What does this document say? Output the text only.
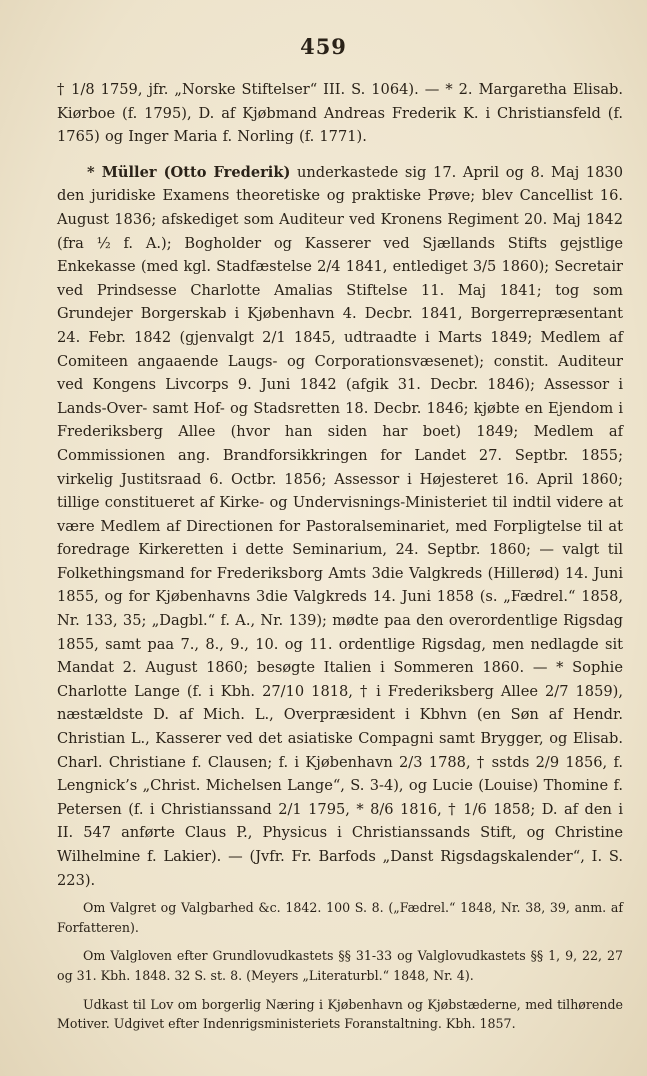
459

† 1/8 1759, jfr. „Norske Stiftelser“ III. S. 1064). — * 2. Margaretha Elisab. Kiørboe (f. 1795), D. af Kjøbmand Andreas Frederik K. i Christiansfeld (f. 1765) og Inger Maria f. Norling (f. 1771).

* Müller (Otto Frederik) underkastede sig 17. April og 8. Maj 1830 den juridiske Examens theoretiske og praktiske Prøve; blev Cancellist 16. August 1836; afskediget som Auditeur ved Kronens Regiment 20. Maj 1842 (fra ½ f. A.); Bogholder og Kasserer ved Sjællands Stifts gejstlige Enkekasse (med kgl. Stadfæstelse 2/4 1841, entlediget 3/5 1860); Secretair ved Prindsesse Charlotte Amalias Stiftelse 11. Maj 1841; tog som Grundejer Borgerskab i Kjøbenhavn 4. Decbr. 1841, Borgerrepræsentant 24. Febr. 1842 (gjenvalgt 2/1 1845, udtraadte i Marts 1849; Medlem af Comiteen angaaende Laugs- og Corporationsvæsenet); constit. Auditeur ved Kongens Livcorps 9. Juni 1842 (afgik 31. Decbr. 1846); Assessor i Lands-Over- samt Hof- og Stadsretten 18. Decbr. 1846; kjøbte en Ejendom i Frederiksberg Allee (hvor han siden har boet) 1849; Medlem af Commissionen ang. Brandforsikkringen for Landet 27. Septbr. 1855; virkelig Justitsraad 6. Octbr. 1856; Assessor i Højesteret 16. April 1860; tillige constitueret af Kirke- og Undervisnings-Ministeriet til indtil videre at være Medlem af Directionen for Pastoralseminariet, med Forpligtelse til at foredrage Kirkeretten i dette Seminarium, 24. Septbr. 1860; — valgt til Folkethingsmand for Frederiksborg Amts 3die Valgkreds (Hillerød) 14. Juni 1855, og for Kjøbenhavns 3die Valgkreds 14. Juni 1858 (s. „Fædrel.“ 1858, Nr. 133, 35; „Dagbl.“ f. A., Nr. 139); mødte paa den overordentlige Rigsdag 1855, samt paa 7., 8., 9., 10. og 11. ordentlige Rigsdag, men nedlagde sit Mandat 2. August 1860; besøgte Italien i Sommeren 1860. — * Sophie Charlotte Lange (f. i Kbh. 27/10 1818, † i Frederiksberg Allee 2/7 1859), næstældste D. af Mich. L., Overpræsident i Kbhvn (en Søn af Hendr. Christian L., Kasserer ved det asiatiske Compagni samt Brygger, og Elisab. Charl. Christiane f. Clausen; f. i Kjøbenhavn 2/3 1788, † sstds 2/9 1856, f. Lengnick’s „Christ. Michelsen Lange“, S. 3-4), og Lucie (Louise) Thomine f. Petersen (f. i Christianssand 2/1 1795, * 8/6 1816, † 1/6 1858; D. af den i II. 547 anførte Claus P., Physicus i Christianssands Stift, og Christine Wilhelmine f. Lakier). — (Jvfr. Fr. Barfods „Danst Rigsdagskalender“, I. S. 223).

Om Valgret og Valgbarhed &c. 1842. 100 S. 8. („Fædrel.“ 1848, Nr. 38, 39, anm. af Forfatteren).

Om Valgloven efter Grundlovudkastets §§ 31-33 og Valglovudkastets §§ 1, 9, 22, 27 og 31. Kbh. 1848. 32 S. st. 8. (Meyers „Literaturbl.“ 1848, Nr. 4).

Udkast til Lov om borgerlig Næring i Kjøbenhavn og Kjøbstæderne, med tilhørende Motiver. Udgivet efter Indenrigsministeriets Foranstaltning. Kbh. 1857.
